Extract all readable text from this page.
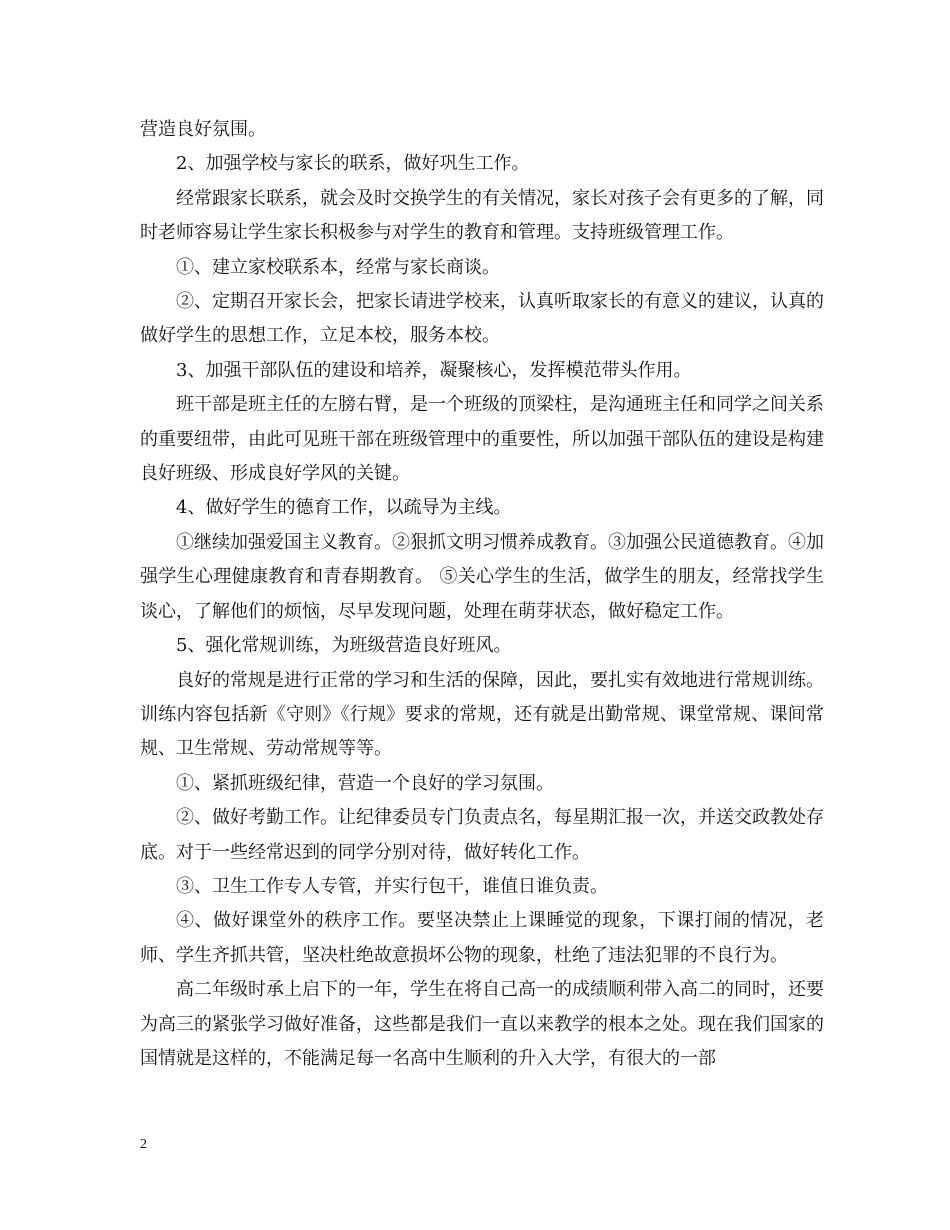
营造良好氛围。

2、加强学校与家长的联系，做好巩生工作。

经常跟家长联系，就会及时交换学生的有关情况，家长对孩子会有更多的了解，同时老师容易让学生家长积极参与对学生的教育和管理。支持班级管理工作。

①、建立家校联系本，经常与家长商谈。

②、定期召开家长会，把家长请进学校来，认真听取家长的有意义的建议，认真的做好学生的思想工作，立足本校，服务本校。

3、加强干部队伍的建设和培养，凝聚核心，发挥模范带头作用。

班干部是班主任的左膀右臂，是一个班级的顶梁柱，是沟通班主任和同学之间关系的重要纽带，由此可见班干部在班级管理中的重要性，所以加强干部队伍的建设是构建良好班级、形成良好学风的关键。

4、做好学生的德育工作，以疏导为主线。

①继续加强爱国主义教育。②狠抓文明习惯养成教育。③加强公民道德教育。④加强学生心理健康教育和青春期教育。 ⑤关心学生的生活，做学生的朋友，经常找学生谈心，了解他们的烦恼，尽早发现问题，处理在萌芽状态，做好稳定工作。

5、强化常规训练，为班级营造良好班风。

良好的常规是进行正常的学习和生活的保障，因此，要扎实有效地进行常规训练。训练内容包括新《守则》《行规》要求的常规，还有就是出勤常规、课堂常规、课间常规、卫生常规、劳动常规等等。

①、紧抓班级纪律，营造一个良好的学习氛围。

②、做好考勤工作。让纪律委员专门负责点名，每星期汇报一次，并送交政教处存底。对于一些经常迟到的同学分别对待，做好转化工作。

③、卫生工作专人专管，并实行包干，谁值日谁负责。

④、做好课堂外的秩序工作。要坚决禁止上课睡觉的现象，下课打闹的情况，老师、学生齐抓共管，坚决杜绝故意损坏公物的现象，杜绝了违法犯罪的不良行为。

高二年级时承上启下的一年，学生在将自己高一的成绩顺利带入高二的同时，还要为高三的紧张学习做好准备，这些都是我们一直以来教学的根本之处。现在我们国家的国情就是这样的，不能满足每一名高中生顺利的升入大学，有很大的一部

2
